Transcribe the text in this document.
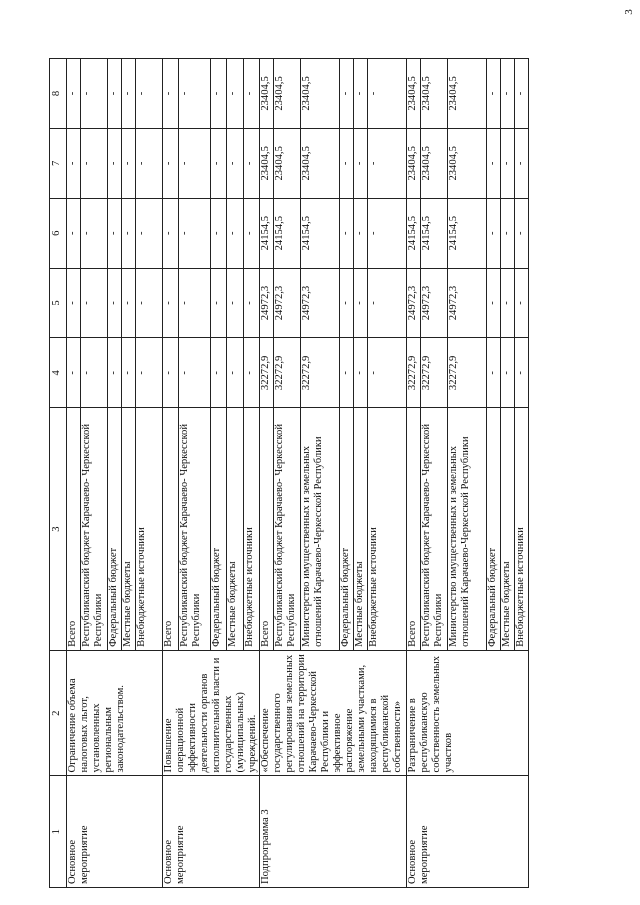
3
1	2	3	4	5	6	7	8
Основное мероприятие	Ограничение объема налоговых льгот, установленных региональным законодательством.	Всего	-	-	-	-	-
		Республиканский бюджет Карачаево- Черкесской Республики	-	-	-	-	-
		Федеральный бюджет	-	-	-	-	-
		Местные бюджеты	-	-	-	-	-
		Внебюджетные источники	-	-	-	-	-
Основное мероприятие	Повышение операционной эффективности деятельности органов исполнительной власти и государственных (муниципальных) учреждений.	Всего	-	-	-	-	-
		Республиканский бюджет Карачаево- Черкесской Республики	-	-	-	-	-
		Федеральный бюджет	-	-	-	-	-
		Местные бюджеты	-	-	-	-	-
		Внебюджетные источники	-	-	-	-	-
Подпрограмма 3	«Обеспечение государственного регулирования земельных отношений на территории Карачаево-Черкесской Республики и эффективное распоряжение земельными участками, находящимися в республиканской собственности»	Всего	32272,9	24972,3	24154,5	23404,5	23404,5
		Республиканский бюджет Карачаево- Черкесской Республики	32272,9	24972,3	24154,5	23404,5	23404,5
		Министерство имущественных и земельных отношений Карачаево-Черкесской Республики	32272,9	24972,3	24154,5	23404,5	23404,5
		Федеральный бюджет	-	-	-	-	-
		Местные бюджеты	-	-	-	-	-
		Внебюджетные источники	-	-	-	-	-
Основное мероприятие	Разграничение в республиканскую собственность земельных участков	Всего	32272,9	24972,3	24154,5	23404,5	23404,5
		Республиканский бюджет Карачаево- Черкесской Республики	32272,9	24972,3	24154,5	23404,5	23404,5
		Министерство имущественных и земельных отношений Карачаево-Черкесской Республики	32272,9	24972,3	24154,5	23404,5	23404,5
		Федеральный бюджет	-	-	-	-	-
		Местные бюджеты	-	-	-	-	-
		Внебюджетные источники	-	-	-	-	-
